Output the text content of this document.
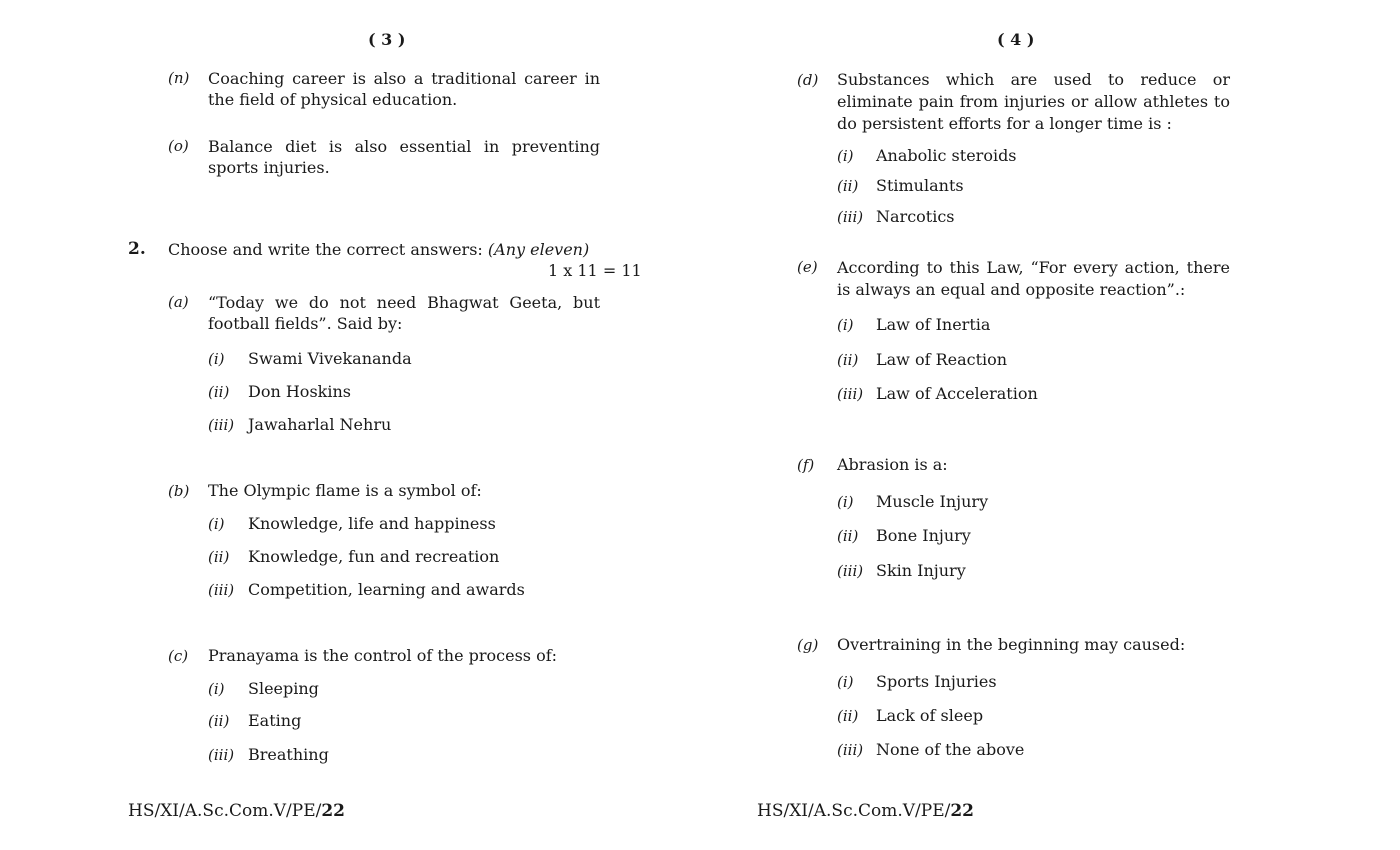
( 3 )
(n) Coaching career is also a traditional career in the field of physical education.
(o) Balance diet is also essential in preventing sports injuries.
2. Choose and write the correct answers: (Any eleven)
1 x 11 = 11
(a) “Today we do not need Bhagwat Geeta, but football fields”. Said by:
(i) Swami Vivekananda
(ii) Don Hoskins
(iii) Jawaharlal Nehru
(b) The Olympic flame is a symbol of:
(i) Knowledge, life and happiness
(ii) Knowledge, fun and recreation
(iii) Competition, learning and awards
(c) Pranayama is the control of the process of:
(i) Sleeping
(ii) Eating
(iii) Breathing
HS/XI/A.Sc.Com.V/PE/22
( 4 )
(d) Substances which are used to reduce or eliminate pain from injuries or allow athletes to do persistent efforts for a longer time is :
(i) Anabolic steroids
(ii) Stimulants
(iii) Narcotics
(e) According to this Law, “For every action, there is always an equal and opposite reaction”.:
(i) Law of Inertia
(ii) Law of Reaction
(iii) Law of Acceleration
(f) Abrasion is a:
(i) Muscle Injury
(ii) Bone Injury
(iii) Skin Injury
(g) Overtraining in the beginning may caused:
(i) Sports Injuries
(ii) Lack of sleep
(iii) None of the above
HS/XI/A.Sc.Com.V/PE/22
